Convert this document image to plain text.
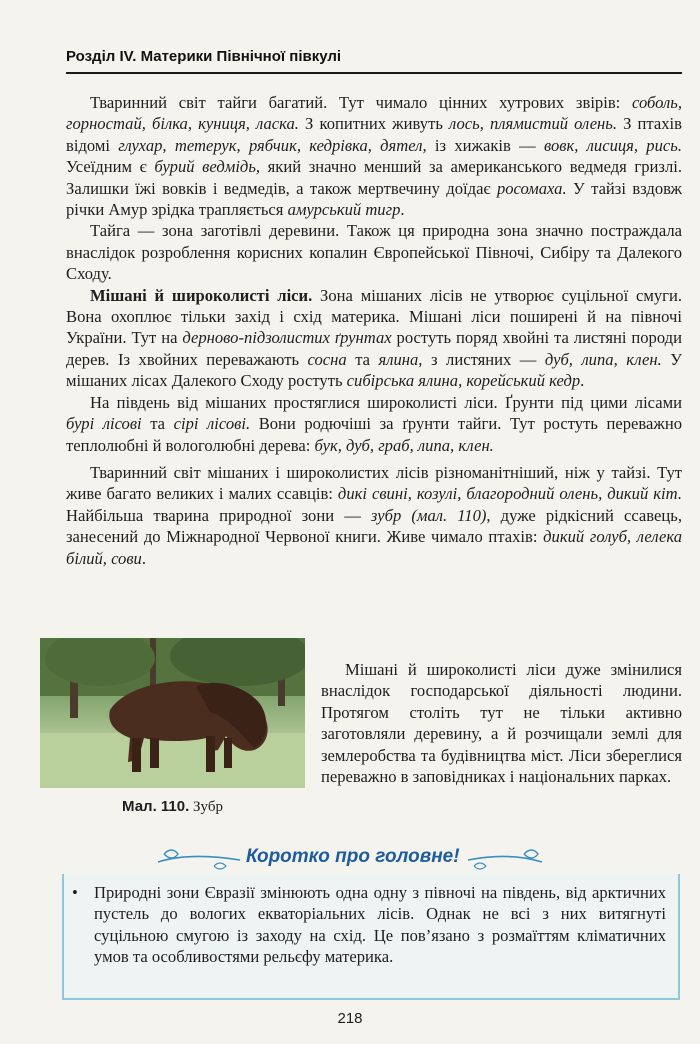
Розділ IV. Материки Північної півкулі

Тваринний світ тайги багатий. Тут чимало цінних хутрових звірів: соболь, горностай, білка, куниця, ласка. З копитних живуть лось, плямистий олень. З птахів відомі глухар, тетерук, рябчик, кедрівка, дятел, із хижаків — вовк, лисиця, рись. Усеїдним є бурий ведмідь, який значно менший за американського ведмедя гризлі. Залишки їжі вовків і ведмедів, а також мертвечину доїдає росомаха. У тайзі вздовж річки Амур зрідка трапляється амурський тигр.

Тайга — зона заготівлі деревини. Також ця природна зона значно постраждала внаслідок розроблення корисних копалин Європейської Півночі, Сибіру та Далекого Сходу.

Мішані й широколисті ліси. Зона мішаних лісів не утворює суцільної смуги. Вона охоплює тільки захід і схід материка. Мішані ліси поширені й на півночі України. Тут на дерново-підзолистих ґрунтах ростуть поряд хвойні та листяні породи дерев. Із хвойних переважають сосна та ялина, з листяних — дуб, липа, клен. У мішаних лісах Далекого Сходу ростуть сибірська ялина, корейський кедр.

На південь від мішаних простяглися широколисті ліси. Ґрунти під цими лісами бурі лісові та сірі лісові. Вони родючіші за ґрунти тайги. Тут ростуть переважно теплолюбні й вологолюбні дерева: бук, дуб, граб, липа, клен.

Тваринний світ мішаних і широколистих лісів різноманітніший, ніж у тайзі. Тут живе багато великих і малих ссавців: дикі свині, козулі, благородний олень, дикий кіт. Найбільша тварина природної зони — зубр (мал. 110), дуже рідкісний ссавець, занесений до Міжнародної Червоної книги. Живе чимало птахів: дикий голуб, лелека білий, сови.

Мал. 110. Зубр

Мішані й широколисті ліси дуже змінилися внаслідок господарської діяльності людини. Протягом століть тут не тільки активно заготовляли деревину, а й розчищали землі для землеробства та будівництва міст. Ліси збереглися переважно в заповідниках і національних парках.

Коротко про головне!
• Природні зони Євразії змінюють одна одну з півночі на південь, від арктичних пустель до вологих екваторіальних лісів. Однак не всі з них витягнуті суцільною смугою із заходу на схід. Це пов’язано з розмаїттям кліматичних умов та особливостями рельєфу материка.
218
